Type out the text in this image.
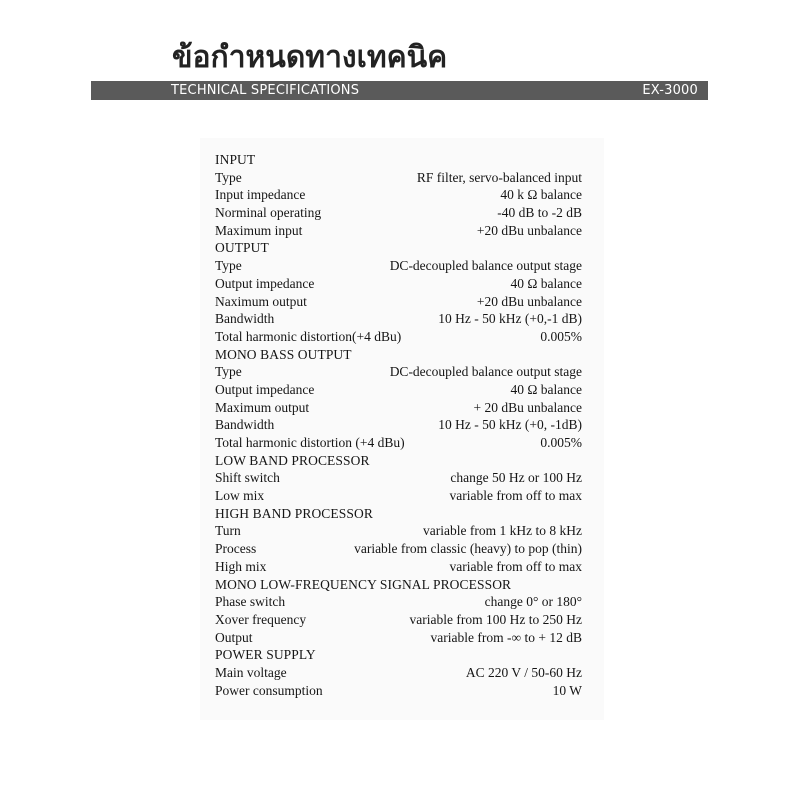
ข้อกำหนดทางเทคนิค
TECHNICAL SPECIFICATIONS	EX-3000
INPUT
Type	RF filter, servo-balanced input
Input impedance	40 k Ω balance
Norminal operating	-40 dB to -2 dB
Maximum input	+20 dBu unbalance
OUTPUT
Type	DC-decoupled balance output stage
Output impedance	40 Ω balance
Naximum output	+20 dBu unbalance
Bandwidth	10 Hz - 50 kHz (+0,-1 dB)
Total harmonic distortion(+4 dBu)	0.005%
MONO BASS OUTPUT
Type	DC-decoupled balance output stage
Output impedance	40 Ω balance
Maximum output	+ 20 dBu unbalance
Bandwidth	10 Hz - 50 kHz (+0, -1dB)
Total harmonic distortion (+4 dBu)	0.005%
LOW BAND PROCESSOR
Shift switch	change 50 Hz or 100 Hz
Low mix	variable from off to max
HIGH BAND PROCESSOR
Turn	variable from 1 kHz to 8 kHz
Process	variable from classic (heavy) to pop (thin)
High mix	variable from off to max
MONO LOW-FREQUENCY SIGNAL PROCESSOR
Phase switch	change 0° or 180°
Xover frequency	variable from 100 Hz to 250 Hz
Output	variable from -∞ to + 12 dB
POWER SUPPLY
Main voltage	AC 220 V / 50-60 Hz
Power consumption	10 W
